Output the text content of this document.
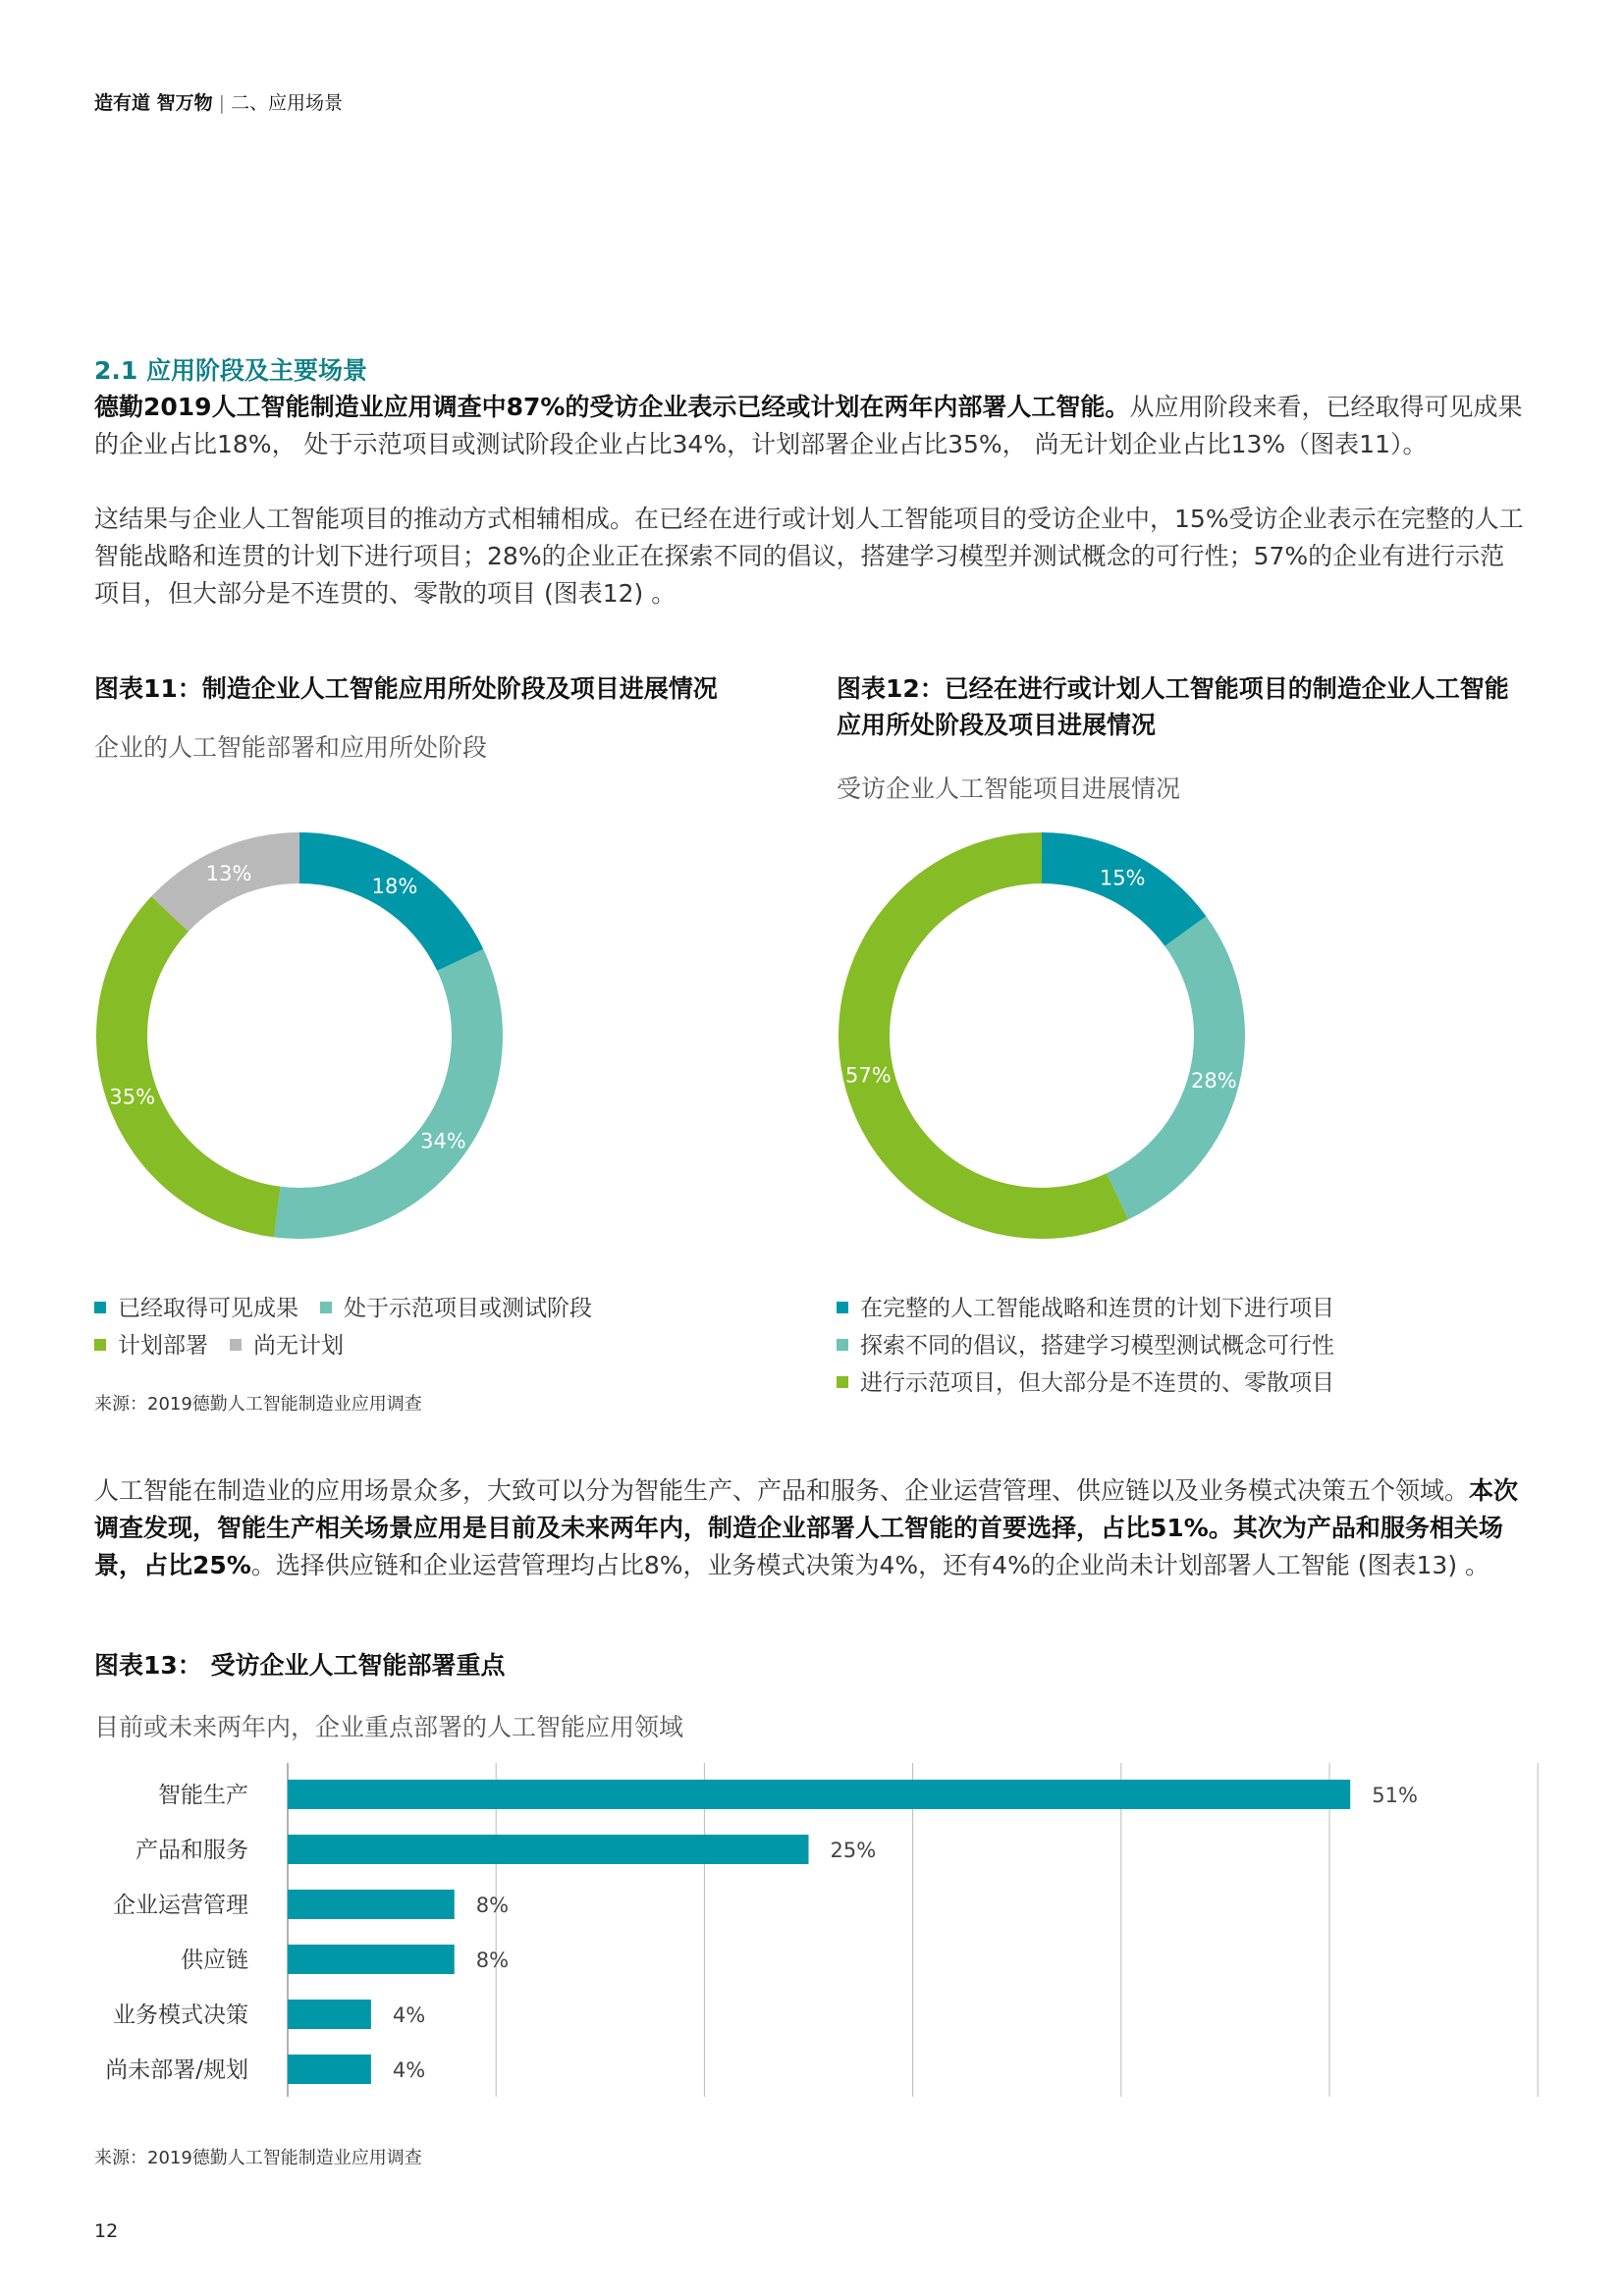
造有道 智万物 | 二、应用场景
2.1 应用阶段及主要场景
德勤2019人工智能制造业应用调查中87%的受访企业表示已经或计划在两年内部署人工智能。从应用阶段来看，已经取得可见成果的企业占比18%， 处于示范项目或测试阶段企业占比34%，计划部署企业占比35%， 尚无计划企业占比13%（图表11）。
这结果与企业人工智能项目的推动方式相辅相成。在已经在进行或计划人工智能项目的受访企业中，15%受访企业表示在完整的人工智能战略和连贯的计划下进行项目；28%的企业正在探索不同的倡议，搭建学习模型并测试概念的可行性；57%的企业有进行示范项目，但大部分是不连贯的、零散的项目 (图表12) 。
图表11：制造企业人工智能应用所处阶段及项目进展情况
企业的人工智能部署和应用所处阶段
18%
34%
35%
13%
已经取得可见成果 处于示范项目或测试阶段
计划部署 尚无计划
来源：2019德勤人工智能制造业应用调查
图表12：已经在进行或计划人工智能项目的制造企业人工智能应用所处阶段及项目进展情况
受访企业人工智能项目进展情况
15%
28%
57%
在完整的人工智能战略和连贯的计划下进行项目
探索不同的倡议，搭建学习模型测试概念可行性
进行示范项目，但大部分是不连贯的、零散项目
人工智能在制造业的应用场景众多，大致可以分为智能生产、产品和服务、企业运营管理、供应链以及业务模式决策五个领域。本次调查发现，智能生产相关场景应用是目前及未来两年内，制造企业部署人工智能的首要选择，占比51%。其次为产品和服务相关场景，占比25%。选择供应链和企业运营管理均占比8%，业务模式决策为4%，还有4%的企业尚未计划部署人工智能 (图表13) 。
图表13： 受访企业人工智能部署重点
目前或未来两年内，企业重点部署的人工智能应用领域
智能生产	51%
产品和服务	25%
企业运营管理	8%
供应链	8%
业务模式决策	4%
尚未部署/规划	4%
来源：2019德勤人工智能制造业应用调查
12
